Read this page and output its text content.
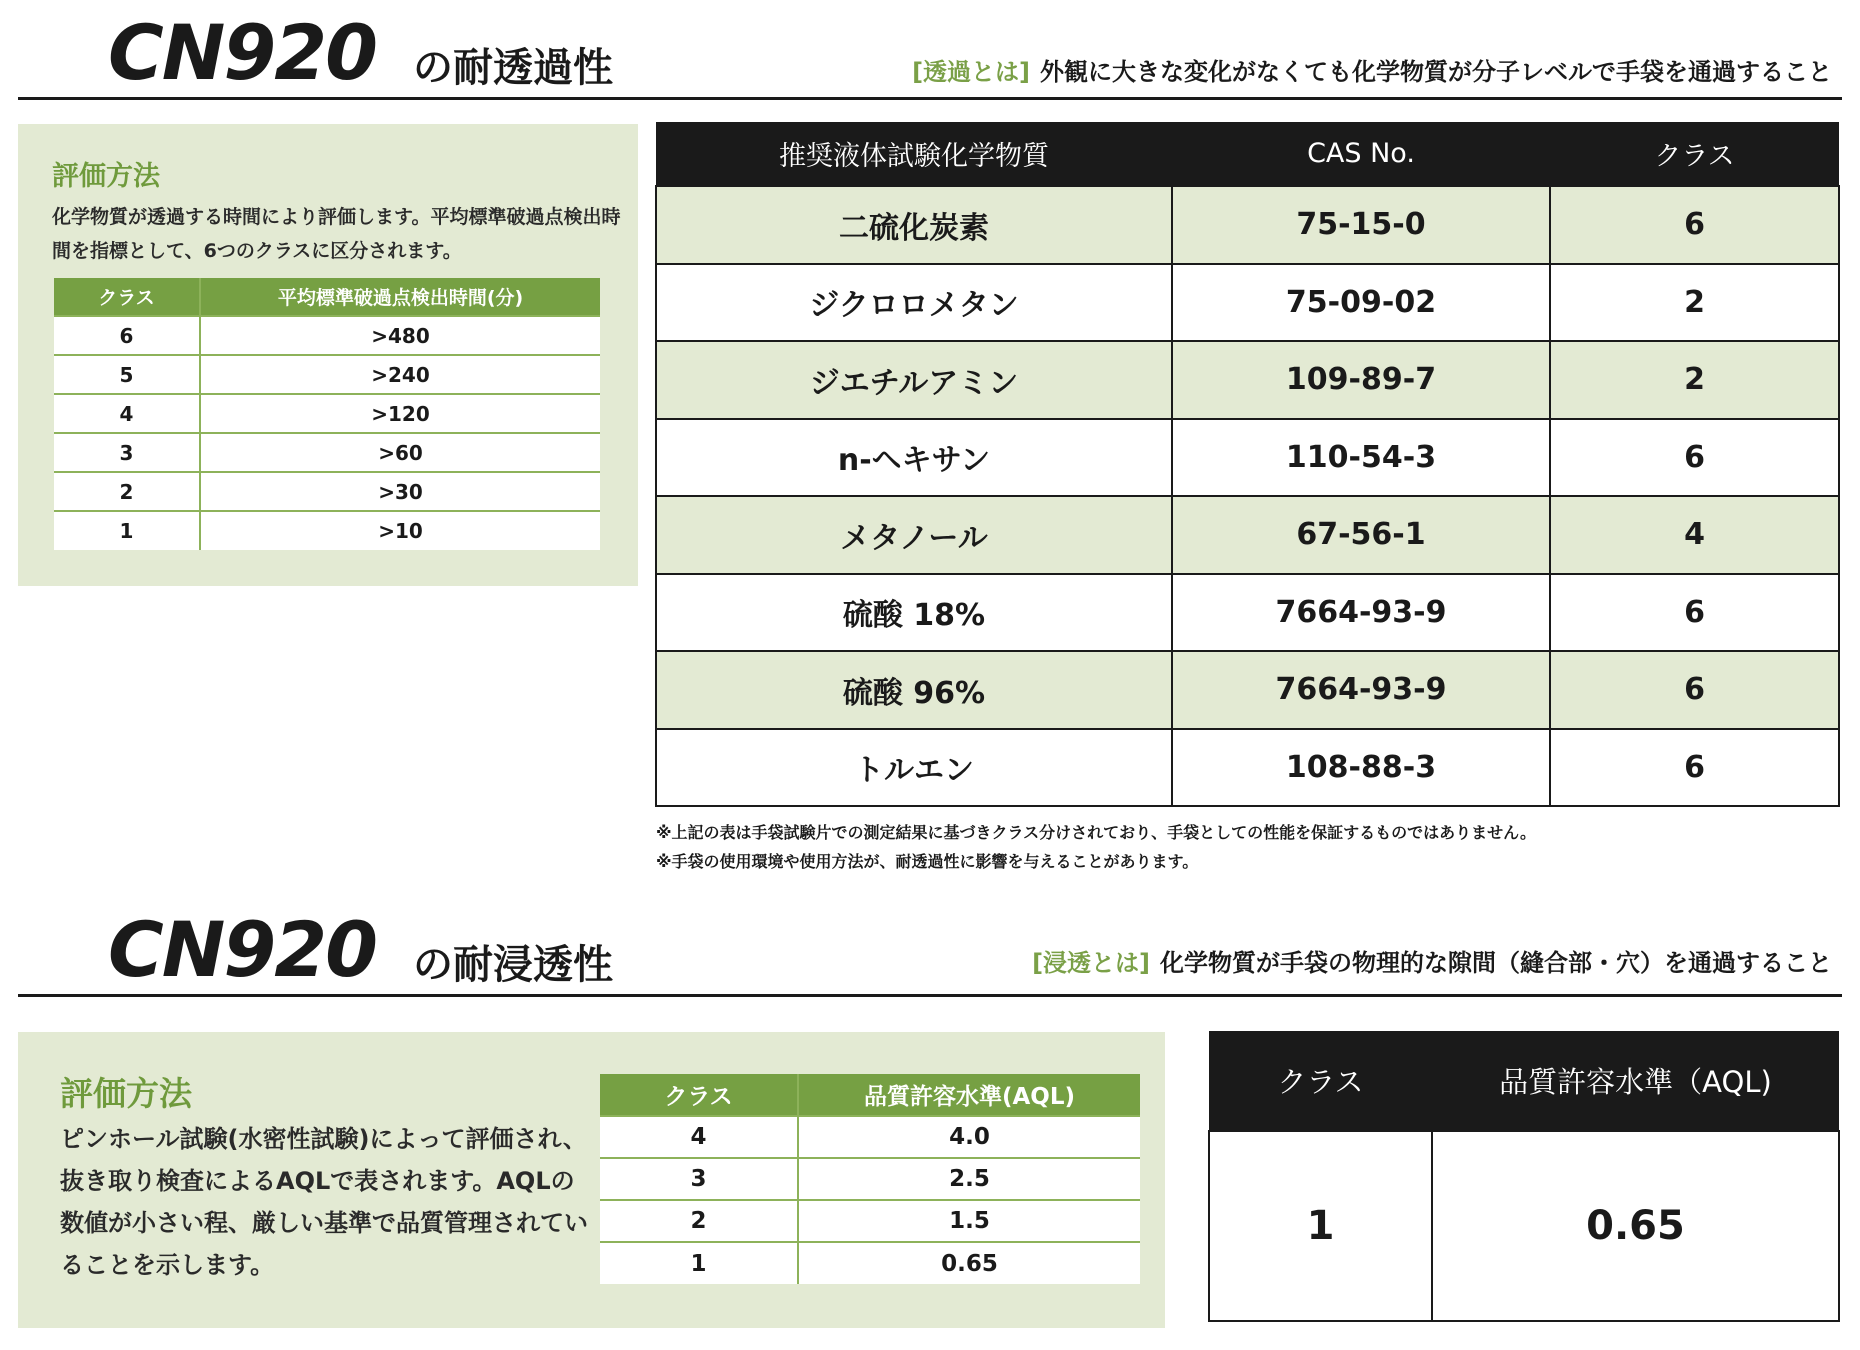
CN920 の耐透過性	[透過とは] 外観に大きな変化がなくても化学物質が分子レベルで手袋を通過すること
評価方法
化学物質が透過する時間により評価します。平均標準破過点検出時間を指標として、6つのクラスに区分されます。
クラス	平均標準破過点検出時間(分)
6	>480
5	>240
4	>120
3	>60
2	>30
1	>10
推奨液体試験化学物質	CAS No.	クラス
二硫化炭素	75-15-0	6
ジクロロメタン	75-09-02	2
ジエチルアミン	109-89-7	2
n-ヘキサン	110-54-3	6
メタノール	67-56-1	4
硫酸 18%	7664-93-9	6
硫酸 96%	7664-93-9	6
トルエン	108-88-3	6
※上記の表は手袋試験片での測定結果に基づきクラス分けされており、手袋としての性能を保証するものではありません。
※手袋の使用環境や使用方法が、耐透過性に影響を与えることがあります。
CN920 の耐浸透性	[浸透とは] 化学物質が手袋の物理的な隙間（縫合部・穴）を通過すること
評価方法
ピンホール試験(水密性試験)によって評価され、抜き取り検査によるAQLで表されます。AQLの数値が小さい程、厳しい基準で品質管理されていることを示します。
クラス	品質許容水準(AQL)
4	4.0
3	2.5
2	1.5
1	0.65
クラス	品質許容水準（AQL)
1	0.65
